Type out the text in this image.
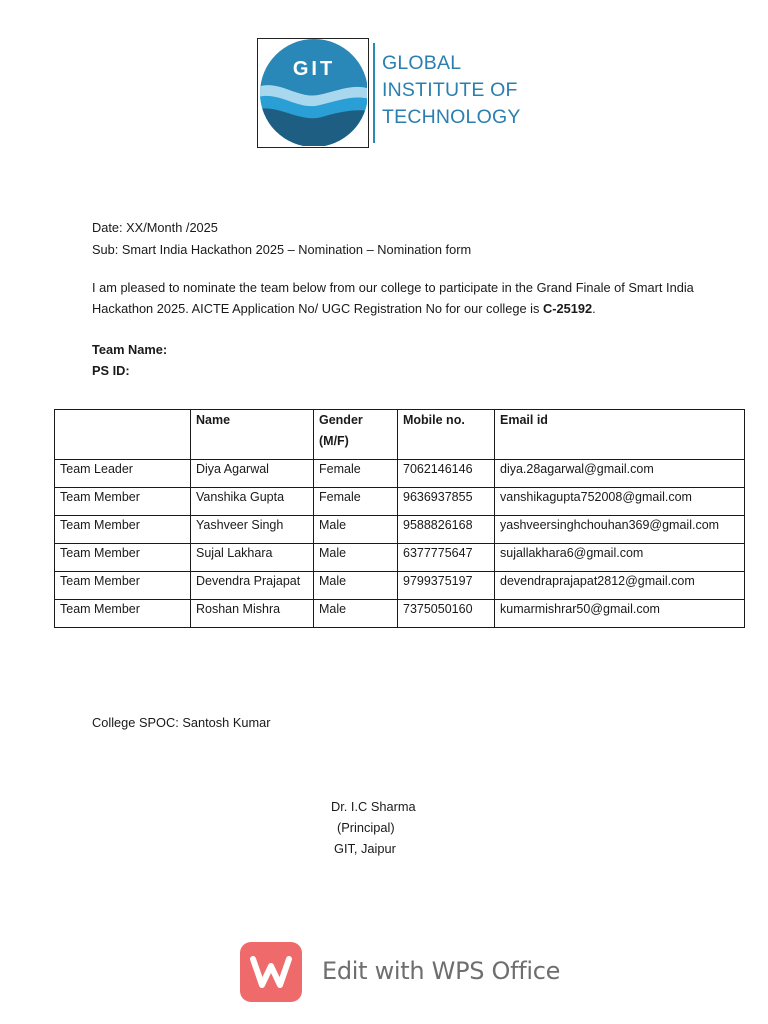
GIT GLOBAL
INSTITUTE OF
TECHNOLOGY
Date: XX/Month /2025
Sub: Smart India Hackathon 2025 – Nomination – Nomination form
I am pleased to nominate the team below from our college to participate in the Grand Finale of Smart India
Hackathon 2025. AICTE Application No/ UGC Registration No for our college is C-25192.
Team Name:
PS ID:
	Name	Gender
(M/F)	Mobile no.	Email id
Team Leader	Diya Agarwal	Female	7062146146	diya.28agarwal@gmail.com
Team Member	Vanshika Gupta	Female	9636937855	vanshikagupta752008@gmail.com
Team Member	Yashveer Singh	Male	9588826168	yashveersinghchouhan369@gmail.com
Team Member	Sujal Lakhara	Male	6377775647	sujallakhara6@gmail.com
Team Member	Devendra Prajapat	Male	9799375197	devendraprajapat2812@gmail.com
Team Member	Roshan Mishra	Male	7375050160	kumarmishrar50@gmail.com
College SPOC: Santosh Kumar
Dr. I.C Sharma
(Principal)
GIT, Jaipur
Edit with WPS Office
